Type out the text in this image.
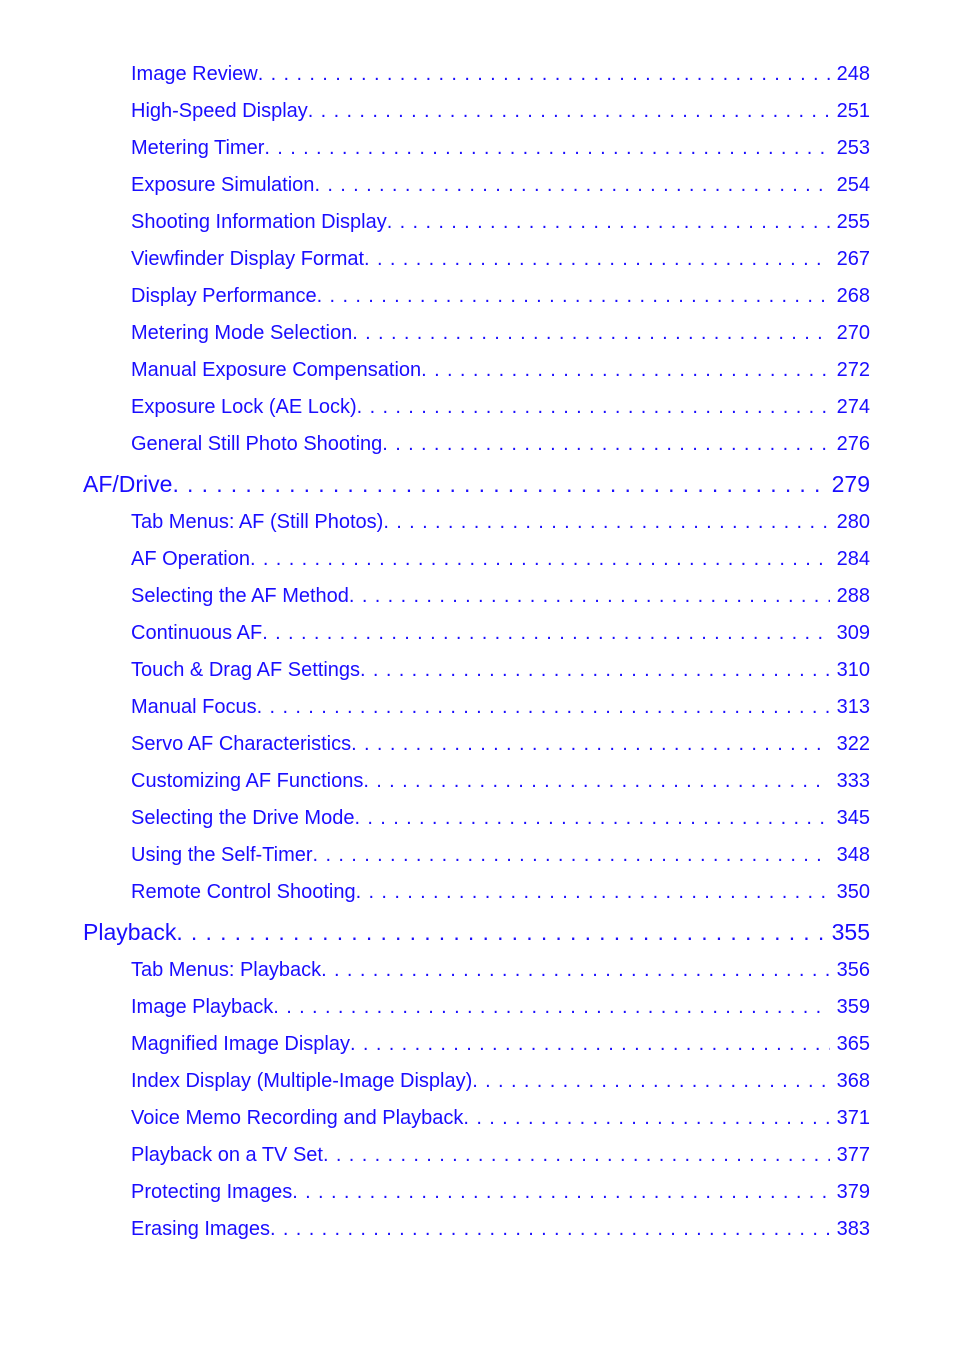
Image Review . . .	248
High-Speed Display . . .	251
Metering Timer . . .	253
Exposure Simulation . . .	254
Shooting Information Display . . .	255
Viewfinder Display Format . . .	267
Display Performance . . .	268
Metering Mode Selection . . .	270
Manual Exposure Compensation . . .	272
Exposure Lock (AE Lock) . . .	274
General Still Photo Shooting . . .	276
AF/Drive . . .	279
Tab Menus: AF (Still Photos) . . .	280
AF Operation . . .	284
Selecting the AF Method . . .	288
Continuous AF . . .	309
Touch & Drag AF Settings . . .	310
Manual Focus . . .	313
Servo AF Characteristics . . .	322
Customizing AF Functions . . .	333
Selecting the Drive Mode . . .	345
Using the Self-Timer . . .	348
Remote Control Shooting . . .	350
Playback . . .	355
Tab Menus: Playback . . .	356
Image Playback . . .	359
Magnified Image Display . . .	365
Index Display (Multiple-Image Display) . . .	368
Voice Memo Recording and Playback . . .	371
Playback on a TV Set . . .	377
Protecting Images . . .	379
Erasing Images . . .	383
